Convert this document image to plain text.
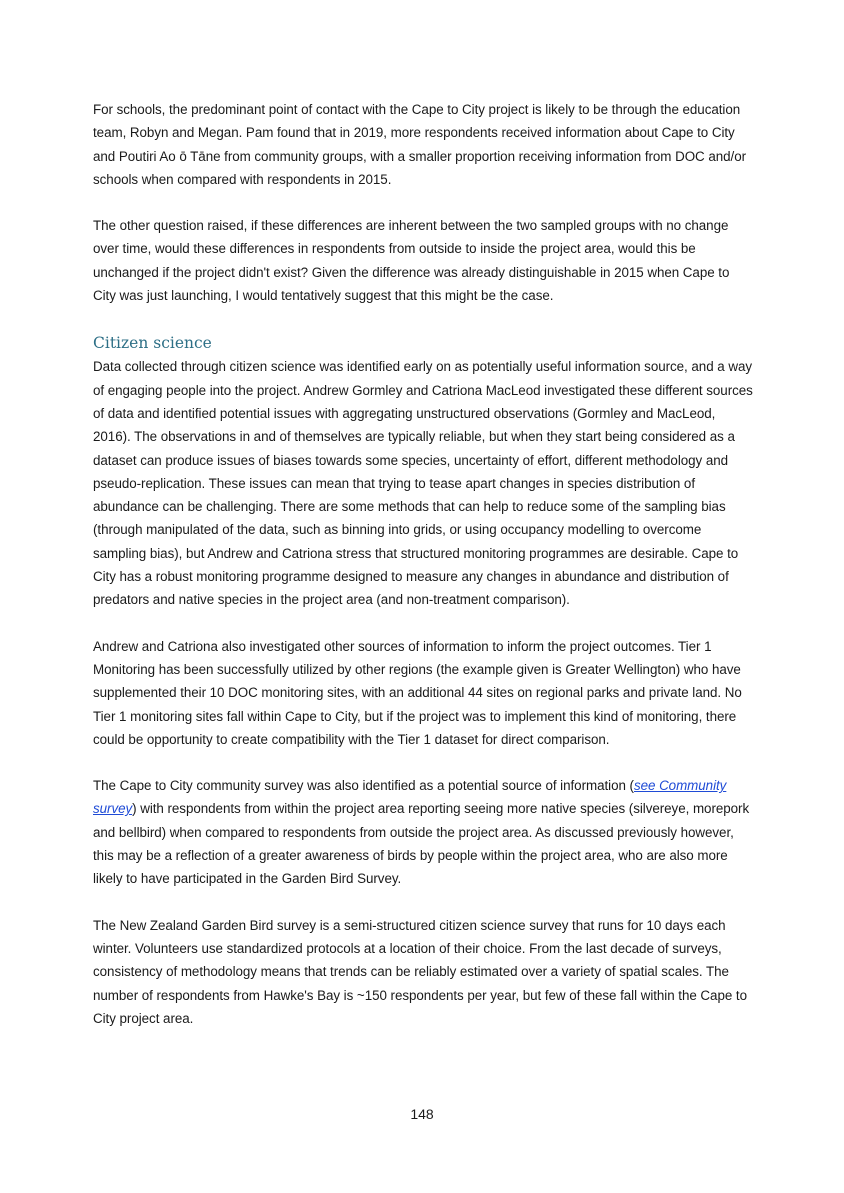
For schools, the predominant point of contact with the Cape to City project is likely to be through the education team, Robyn and Megan. Pam found that in 2019, more respondents received information about Cape to City and Poutiri Ao ō Tāne from community groups, with a smaller proportion receiving information from DOC and/or schools when compared with respondents in 2015.

The other question raised, if these differences are inherent between the two sampled groups with no change over time, would these differences in respondents from outside to inside the project area, would this be unchanged if the project didn't exist? Given the difference was already distinguishable in 2015 when Cape to City was just launching, I would tentatively suggest that this might be the case.

Citizen science

Data collected through citizen science was identified early on as potentially useful information source, and a way of engaging people into the project. Andrew Gormley and Catriona MacLeod investigated these different sources of data and identified potential issues with aggregating unstructured observations (Gormley and MacLeod, 2016). The observations in and of themselves are typically reliable, but when they start being considered as a dataset can produce issues of biases towards some species, uncertainty of effort, different methodology and pseudo-replication. These issues can mean that trying to tease apart changes in species distribution of abundance can be challenging. There are some methods that can help to reduce some of the sampling bias (through manipulated of the data, such as binning into grids, or using occupancy modelling to overcome sampling bias), but Andrew and Catriona stress that structured monitoring programmes are desirable. Cape to City has a robust monitoring programme designed to measure any changes in abundance and distribution of predators and native species in the project area (and non-treatment comparison).

Andrew and Catriona also investigated other sources of information to inform the project outcomes. Tier 1 Monitoring has been successfully utilized by other regions (the example given is Greater Wellington) who have supplemented their 10 DOC monitoring sites, with an additional 44 sites on regional parks and private land. No Tier 1 monitoring sites fall within Cape to City, but if the project was to implement this kind of monitoring, there could be opportunity to create compatibility with the Tier 1 dataset for direct comparison.

The Cape to City community survey was also identified as a potential source of information (see Community survey) with respondents from within the project area reporting seeing more native species (silvereye, morepork and bellbird) when compared to respondents from outside the project area. As discussed previously however, this may be a reflection of a greater awareness of birds by people within the project area, who are also more likely to have participated in the Garden Bird Survey.

The New Zealand Garden Bird survey is a semi-structured citizen science survey that runs for 10 days each winter. Volunteers use standardized protocols at a location of their choice. From the last decade of surveys, consistency of methodology means that trends can be reliably estimated over a variety of spatial scales. The number of respondents from Hawke's Bay is ~150 respondents per year, but few of these fall within the Cape to City project area.

148
